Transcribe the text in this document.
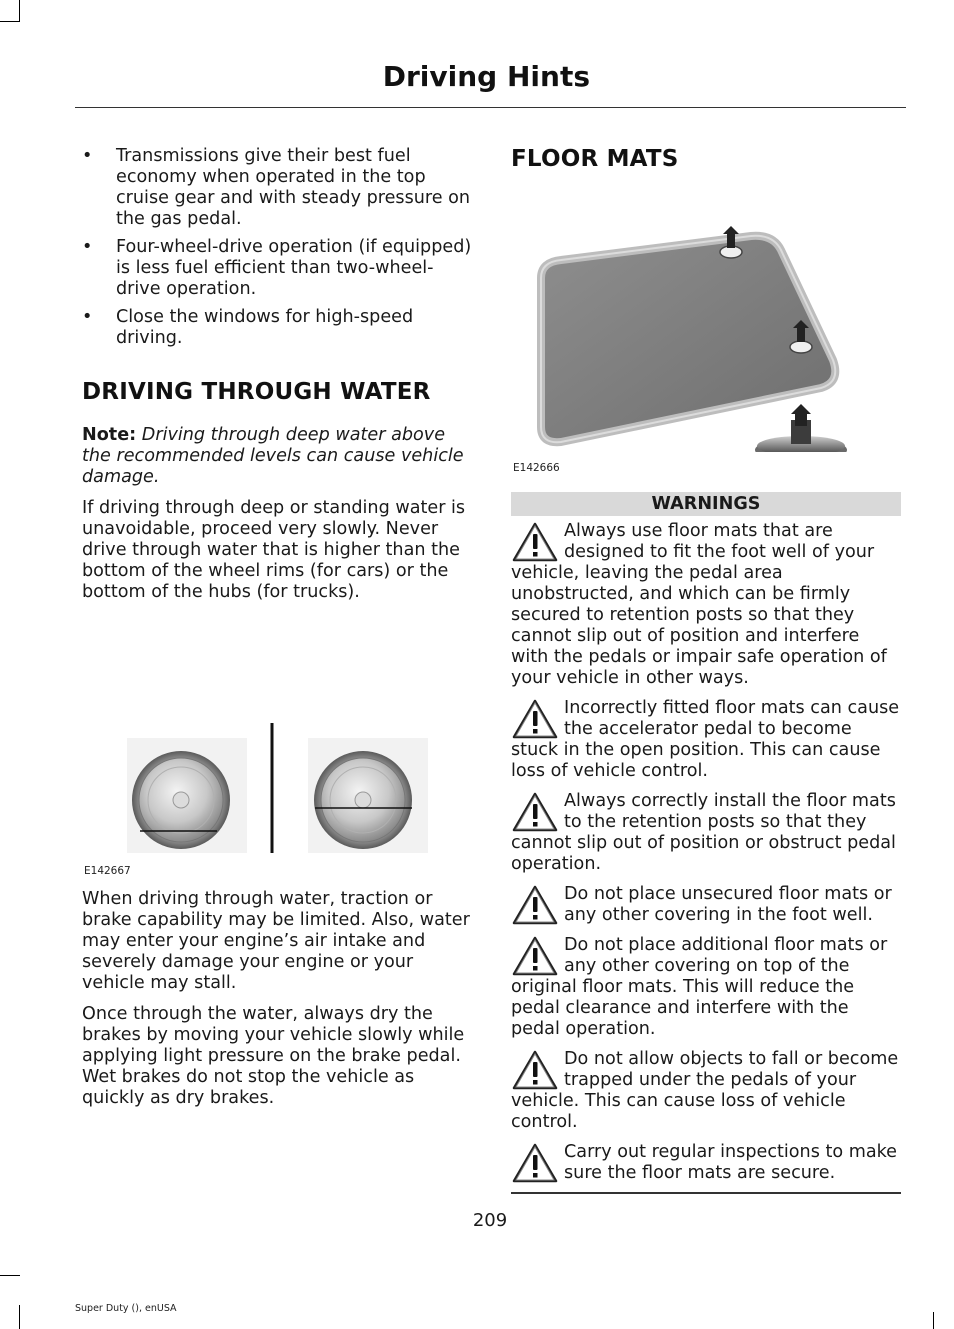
Driving Hints
• Transmissions give their best fuel economy when operated in the top cruise gear and with steady pressure on the gas pedal.
• Four-wheel-drive operation (if equipped) is less fuel efficient than two-wheel-drive operation.
• Close the windows for high-speed driving.
DRIVING THROUGH WATER

Note: Driving through deep water above the recommended levels can cause vehicle damage.

If driving through deep or standing water is unavoidable, proceed very slowly. Never drive through water that is higher than the bottom of the wheel rims (for cars) or the bottom of the hubs (for trucks).

E142667

When driving through water, traction or brake capability may be limited. Also, water may enter your engine’s air intake and severely damage your engine or your vehicle may stall.

Once through the water, always dry the brakes by moving your vehicle slowly while applying light pressure on the brake pedal. Wet brakes do not stop the vehicle as quickly as dry brakes.

FLOOR MATS
E142666
WARNINGS
Always use floor mats that are designed to fit the foot well of your vehicle, leaving the pedal area unobstructed, and which can be firmly secured to retention posts so that they cannot slip out of position and interfere with the pedals or impair safe operation of your vehicle in other ways.
Incorrectly fitted floor mats can cause the accelerator pedal to become stuck in the open position. This can cause loss of vehicle control.
Always correctly install the floor mats to the retention posts so that they cannot slip out of position or obstruct pedal operation.
Do not place unsecured floor mats or any other covering in the foot well.
Do not place additional floor mats or any other covering on top of the original floor mats. This will reduce the pedal clearance and interfere with the pedal operation.
Do not allow objects to fall or become trapped under the pedals of your vehicle. This can cause loss of vehicle control.
Carry out regular inspections to make sure the floor mats are secure.
209
Super Duty (), enUSA
